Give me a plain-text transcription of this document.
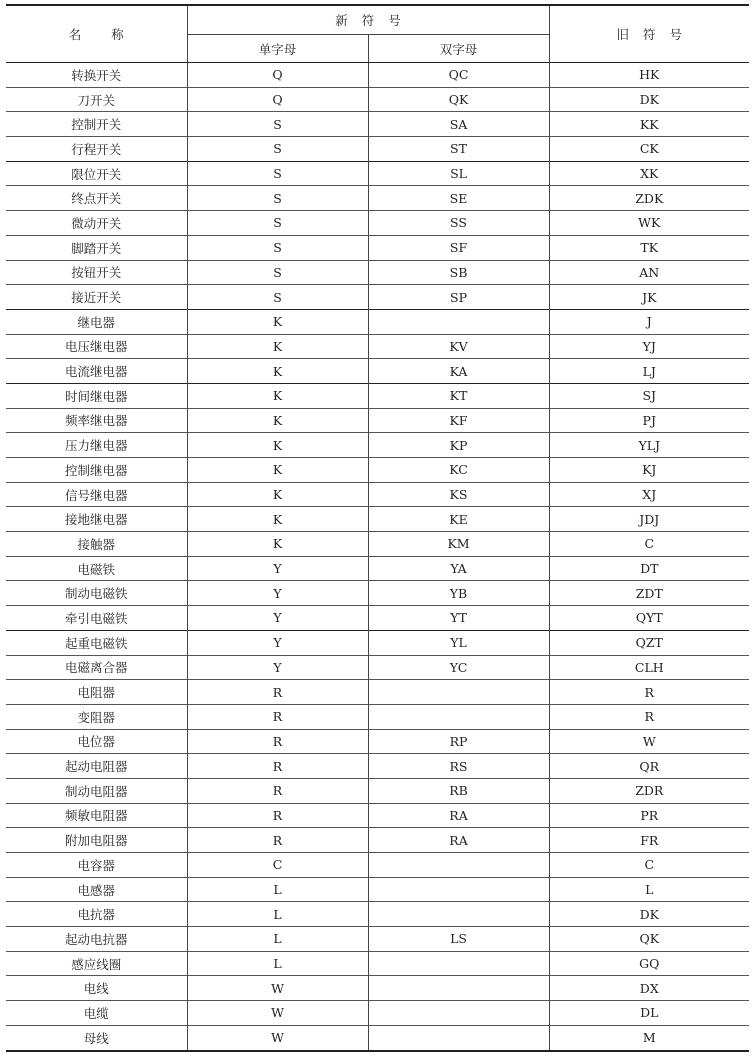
名 称	新 符 号		旧 符 号
	单字母	双字母	
转换开关	Q	QC	HK
刀开关	Q	QK	DK
控制开关	S	SA	KK
行程开关	S	ST	CK
限位开关	S	SL	XK
终点开关	S	SE	ZDK
微动开关	S	SS	WK
脚踏开关	S	SF	TK
按钮开关	S	SB	AN
接近开关	S	SP	JK
继电器	K		J
电压继电器	K	KV	YJ
电流继电器	K	KA	LJ
时间继电器	K	KT	SJ
频率继电器	K	KF	PJ
压力继电器	K	KP	YLJ
控制继电器	K	KC	KJ
信号继电器	K	KS	XJ
接地继电器	K	KE	JDJ
接触器	K	KM	C
电磁铁	Y	YA	DT
制动电磁铁	Y	YB	ZDT
牵引电磁铁	Y	YT	QYT
起重电磁铁	Y	YL	QZT
电磁离合器	Y	YC	CLH
电阻器	R		R
变阻器	R		R
电位器	R	RP	W
起动电阻器	R	RS	QR
制动电阻器	R	RB	ZDR
频敏电阻器	R	RA	PR
附加电阻器	R	RA	FR
电容器	C		C
电感器	L		L
电抗器	L		DK
起动电抗器	L	LS	QK
感应线圈	L		GQ
电线	W		DX
电缆	W		DL
母线	W		M
